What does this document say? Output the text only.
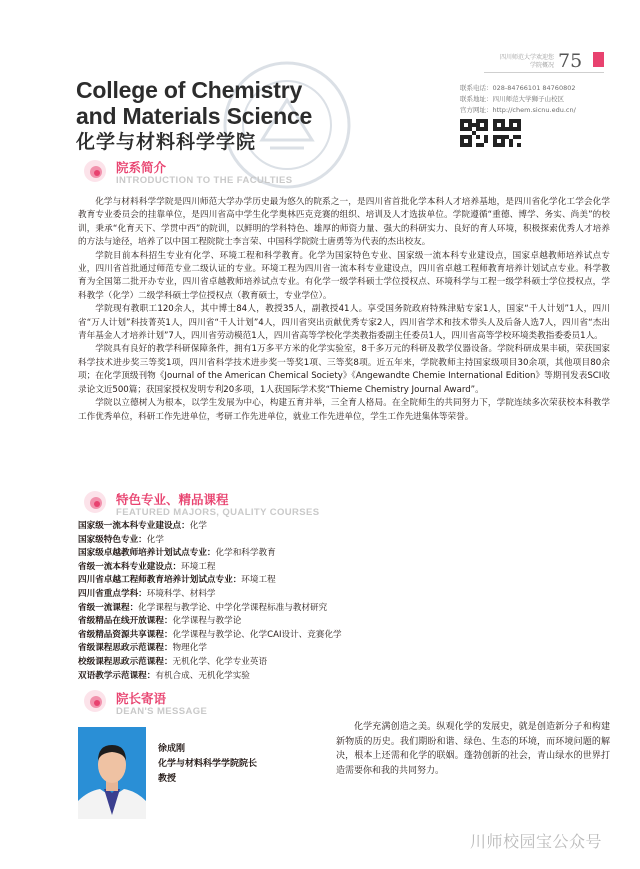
四川师范大学欢迎您
学院概况 75
联系电话：028-84766101 84760802
联系地址：四川师范大学狮子山校区
官方网址：http://chem.sicnu.edu.cn/
College of Chemistry
and Materials Science
化学与材料科学学院
院系简介
INTRODUCTION TO THE FACULTIES

化学与材料科学学院是四川师范大学办学历史最为悠久的院系之一，是四川省首批化学本科人才培养基地，是四川省化学化工学会化学教育专业委员会的挂靠单位，是四川省高中学生化学奥林匹克竞赛的组织、培训及人才选拔单位。学院遵循“重德、博学、务实、尚美”的校训，秉承“化育天下、学贯中西”的院训，以鲜明的学科特色、雄厚的师资力量、强大的科研实力、良好的育人环境，积极探索优秀人才培养的方法与途径，培养了以中国工程院院士李言荣、中国科学院院士唐勇等为代表的杰出校友。

学院目前本科招生专业有化学、环境工程和科学教育。化学为国家特色专业、国家级一流本科专业建设点，国家卓越教师培养试点专业，四川省首批通过师范专业二级认证的专业。环境工程为四川省一流本科专业建设点，四川省卓越工程师教育培养计划试点专业。科学教育为全国第二批开办专业，四川省卓越教师培养试点专业。有化学一级学科硕士学位授权点、环境科学与工程一级学科硕士学位授权点，学科教学（化学）二级学科硕士学位授权点（教育硕士，专业学位）。

学院现有教职工120余人，其中博士84人，教授35人，副教授41人。享受国务院政府特殊津贴专家1人，国家“千人计划”1人，四川省“万人计划”科技菁英1人，四川省“千人计划”4人，四川省突出贡献优秀专家2人，四川省学术和技术带头人及后备人选7人，四川省“杰出青年基金人才培养计划”7人，四川省劳动模范1人，四川省高等学校化学类教指委副主任委员1人，四川省高等学校环境类教指委委员1人。

学院具有良好的教学科研保障条件，拥有1万多平方米的化学实验室，8千多万元的科研及教学仪器设备。学院科研成果丰硕，荣获国家科学技术进步奖三等奖1项，四川省科学技术进步奖一等奖1项、三等奖8项。近五年来，学院教师主持国家级项目30余项，其他项目80余项；在化学顶级刊物《Journal of the American Chemical Society》《Angewandte Chemie International Edition》等期刊发表SCI收录论文近500篇；获国家授权发明专利20多项，1人获国际学术奖“Thieme Chemistry Journal Award”。

学院以立德树人为根本，以学生发展为中心，构建五育并举，三全育人格局。在全院师生的共同努力下，学院连续多次荣获校本科教学工作优秀单位，科研工作先进单位，考研工作先进单位，就业工作先进单位，学生工作先进集体等荣誉。

特色专业、精品课程
FEATURED MAJORS, QUALITY COURSES
国家级一流本科专业建设点：化学
国家级特色专业：化学
国家级卓越教师培养计划试点专业：化学和科学教育
省级一流本科专业建设点：环境工程
四川省卓越工程师教育培养计划试点专业：环境工程
四川省重点学科：环境科学、材料学
省级一流课程：化学课程与教学论、中学化学课程标准与教材研究
省级精品在线开放课程：化学课程与教学论
省级精品资源共享课程：化学课程与教学论、化学CAI设计、竞赛化学
省级课程思政示范课程：物理化学
校级课程思政示范课程：无机化学、化学专业英语
双语教学示范课程：有机合成、无机化学实验
院长寄语
DEAN'S MESSAGE
徐成刚
化学与材料科学学院院长
教授

化学充满创造之美。纵观化学的发展史，就是创造新分子和构建新物质的历史。我们期盼和谐、绿色、生态的环境，而环境问题的解决，根本上还需和化学的联姻。蓬勃创新的社会，青山绿水的世界打造需要你和我的共同努力。

川师校园宝公众号
